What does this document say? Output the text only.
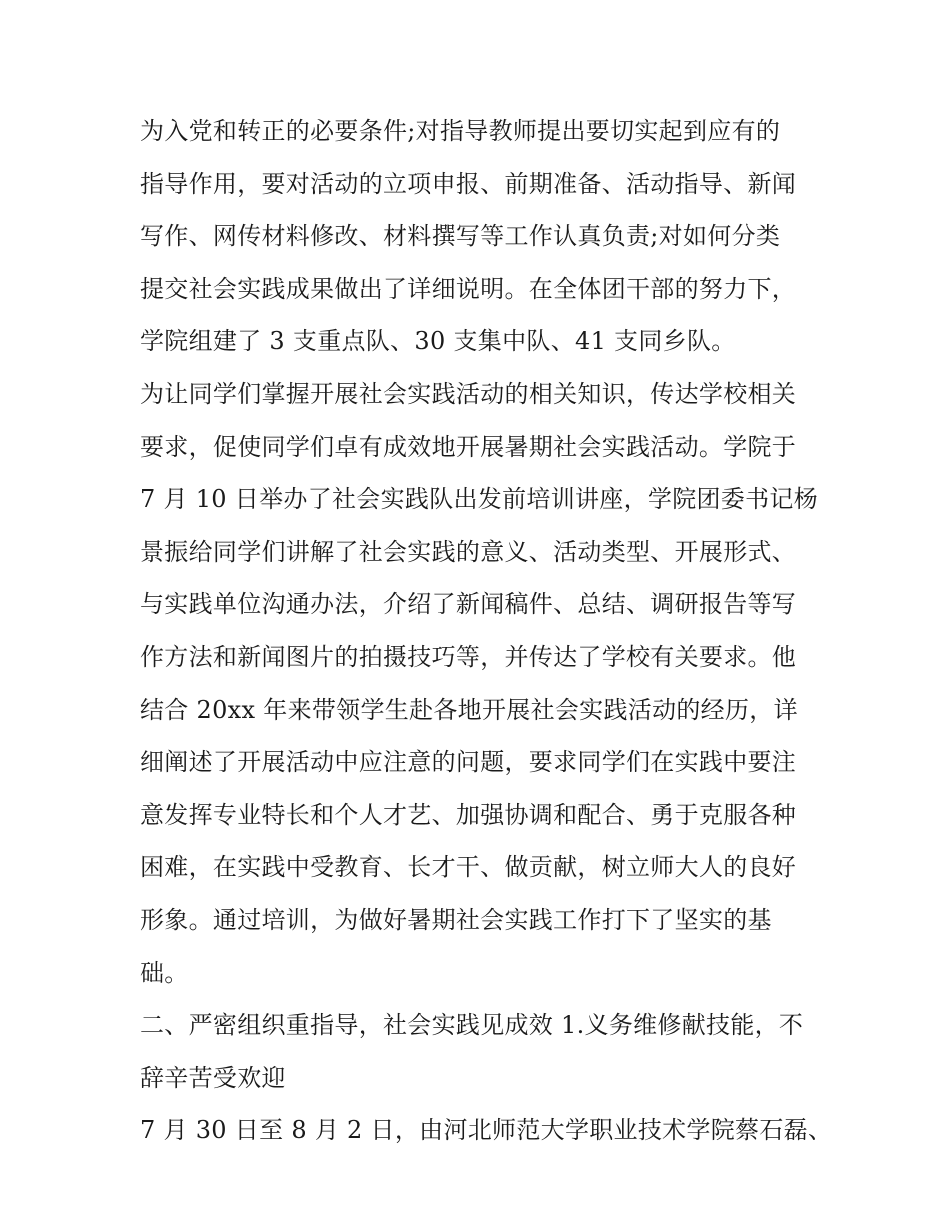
为入党和转正的必要条件;对指导教师提出要切实起到应有的
指导作用，要对活动的立项申报、前期准备、活动指导、新闻
写作、网传材料修改、材料撰写等工作认真负责;对如何分类
提交社会实践成果做出了详细说明。在全体团干部的努力下，
学院组建了 3 支重点队、30 支集中队、41 支同乡队。
为让同学们掌握开展社会实践活动的相关知识，传达学校相关
要求，促使同学们卓有成效地开展暑期社会实践活动。学院于
7 月 10 日举办了社会实践队出发前培训讲座，学院团委书记杨
景振给同学们讲解了社会实践的意义、活动类型、开展形式、
与实践单位沟通办法，介绍了新闻稿件、总结、调研报告等写
作方法和新闻图片的拍摄技巧等，并传达了学校有关要求。他
结合 20xx 年来带领学生赴各地开展社会实践活动的经历，详
细阐述了开展活动中应注意的问题，要求同学们在实践中要注
意发挥专业特长和个人才艺、加强协调和配合、勇于克服各种
困难，在实践中受教育、长才干、做贡献，树立师大人的良好
形象。通过培训，为做好暑期社会实践工作打下了坚实的基
础。
二、严密组织重指导，社会实践见成效 1.义务维修献技能，不
辞辛苦受欢迎
7 月 30 日至 8 月 2 日，由河北师范大学职业技术学院蔡石磊、
